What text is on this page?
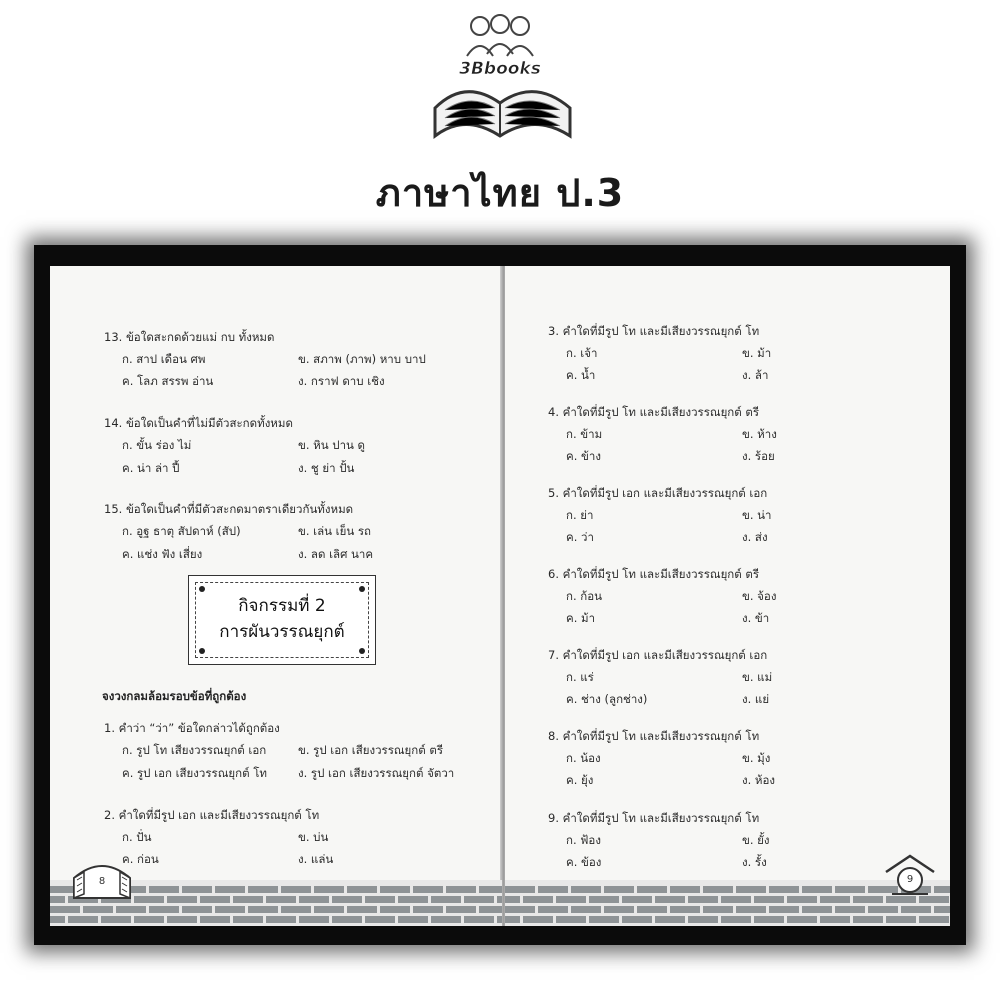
3Bbooks
ภาษาไทย ป.3
13. ข้อใดสะกดด้วยแม่ กบ ทั้งหมด
ก. สาป เดือน ศพ	ข. สภาพ (ภาพ) หาบ บาป
ค. โลภ สรรพ อ่าน	ง. กราฟ ดาบ เชิง
14. ข้อใดเป็นคำที่ไม่มีตัวสะกดทั้งหมด
ก. ขั้น ร่อง ไม่	ข. หิน ปาน ดู
ค. น่า ล่า ปี้	ง. ชู ย่า ปั้น
15. ข้อใดเป็นคำที่มีตัวสะกดมาตราเดียวกันทั้งหมด
ก. อูฐ ธาตุ สัปดาห์ (สัป)	ข. เล่น เย็น รถ
ค. แช่ง ฟัง เสี่ยง	ง. ลด เลิศ นาค
กิจกรรมที่ 2
การผันวรรณยุกต์
จงวงกลมล้อมรอบข้อที่ถูกต้อง
1. คำว่า “ว่า” ข้อใดกล่าวได้ถูกต้อง
ก. รูป โท เสียงวรรณยุกต์ เอก	ข. รูป เอก เสียงวรรณยุกต์ ตรี
ค. รูป เอก เสียงวรรณยุกต์ โท	ง. รูป เอก เสียงวรรณยุกต์ จัตวา
2. คำใดที่มีรูป เอก และมีเสียงวรรณยุกต์ โท
ก. ปั่น	ข. บ่น
ค. ก่อน	ง. แล่น
3. คำใดที่มีรูป โท และมีเสียงวรรณยุกต์ โท
ก. เจ้า	ข. ม้า
ค. น้ำ	ง. ล้า
4. คำใดที่มีรูป โท และมีเสียงวรรณยุกต์ ตรี
ก. ข้าม	ข. ห้าง
ค. ข้าง	ง. ร้อย
5. คำใดที่มีรูป เอก และมีเสียงวรรณยุกต์ เอก
ก. ย่า	ข. น่า
ค. ว่า	ง. ส่ง
6. คำใดที่มีรูป โท และมีเสียงวรรณยุกต์ ตรี
ก. ก้อน	ข. จ้อง
ค. ม้า	ง. ข้า
7. คำใดที่มีรูป เอก และมีเสียงวรรณยุกต์ เอก
ก. แร่	ข. แม่
ค. ช่าง (ลูกช่าง)	ง. แย่
8. คำใดที่มีรูป โท และมีเสียงวรรณยุกต์ โท
ก. น้อง	ข. มุ้ง
ค. ยุ้ง	ง. ห้อง
9. คำใดที่มีรูป โท และมีเสียงวรรณยุกต์ โท
ก. ฟ้อง	ข. ยั้ง
ค. ข้อง	ง. รั้ง
8	9
